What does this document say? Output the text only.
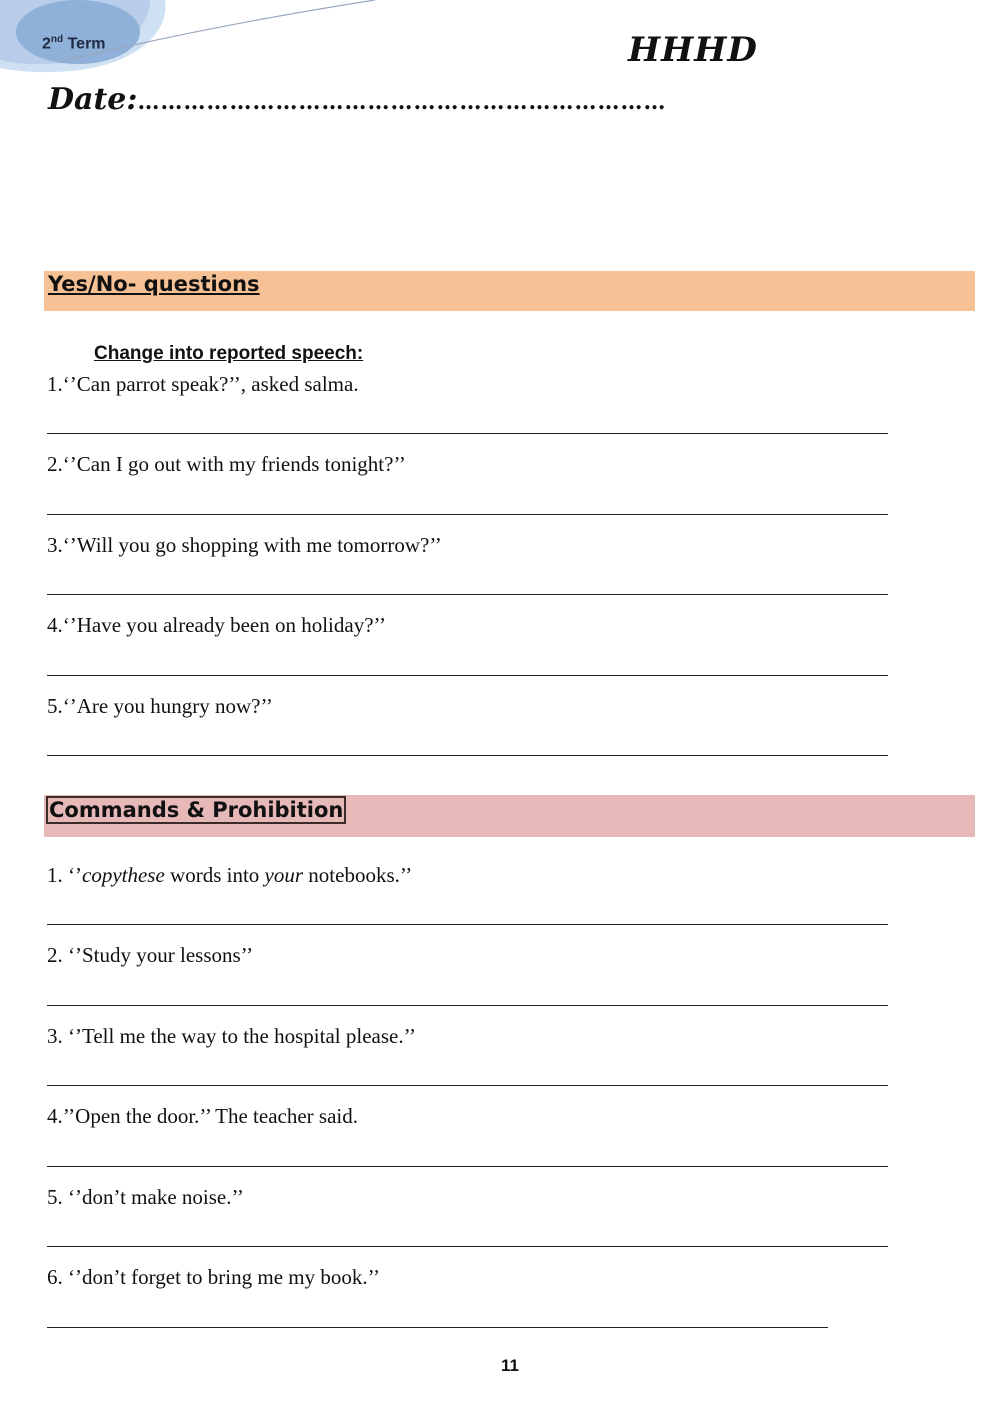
2nd Term	HHHD
Date:……………………………………………………………
Yes/No- questions
Change into reported speech:
1.‘’Can parrot speak?’’, asked salma.
2.‘’Can I go out with my friends tonight?’’
3.‘’Will you go shopping with me tomorrow?’’
4.‘’Have you already been on holiday?’’
5.‘’Are you hungry now?’’
Commands & Prohibition
1. ‘’copythese words into your notebooks.’’
2. ‘’Study your lessons’’
3. ‘’Tell me the way to the hospital please.’’
4.’’Open the door.’’ The teacher said.
5. ‘’don’t make noise.’’
6. ‘’don’t forget to bring me my book.’’
11
